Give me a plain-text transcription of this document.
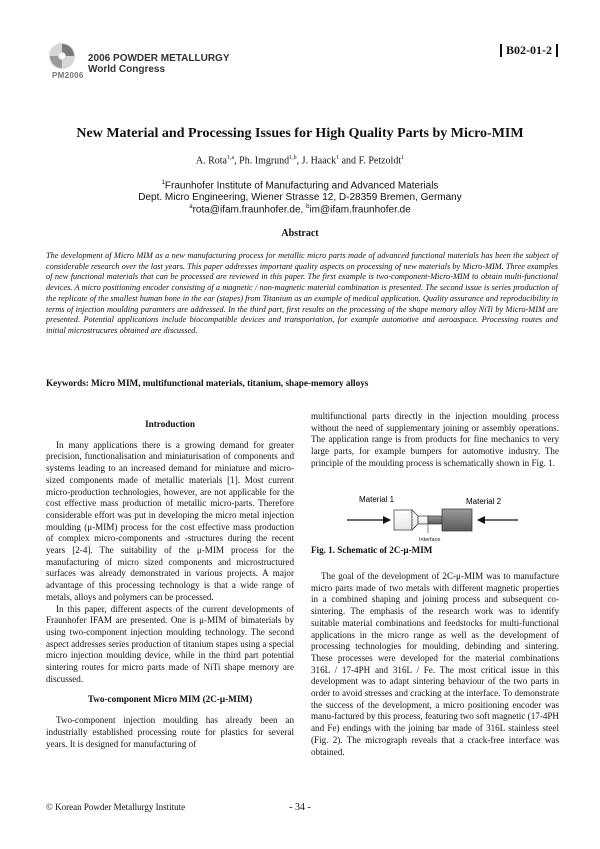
PM2006
2006 POWDER METALLURGY
World Congress
B02-01-2
New Material and Processing Issues for High Quality Parts by Micro-MIM
A. Rota$^{1,a}$, Ph. Imgrund$^{1,b}$, J. Haack$^1$ and F. Petzoldt$^1$
$^1$Fraunhofer Institute of Manufacturing and Advanced Materials
Dept. Micro Engineering, Wiener Strasse 12, D-28359 Bremen, Germany
$^a$rota@ifam.fraunhofer.de, $^b$im@ifam.fraunhofer.de
Abstract
The development of Micro MIM as a new manufacturing process for metallic micro parts made of advanced functional materials has been the subject of considerable research over the last years. This paper addresses important quality aspects on processing of new materials by Micro-MIM. Three examples of new functional materials that can be processed are reviewed in this paper. The first example is two-component-Micro-MIM to obtain multi-functional devices. A micro positioning encoder consisting of a magnetic / non-magnetic material combination is presented. The second issue is series production of the replicate of the smallest human bone in the ear (stapes) from Titanium as an example of medical application. Quality assurance and reproducibility in terms of injection moulding paramters are addressed. In the third part, first results on the processing of the shape memory alloy NiTi by Micro-MIM are presented. Potential applications include biocompatible devices and transportation, for example automotive and aeroaspace. Processing routes and initial microstrucures obtained are discussed.
Keywords: Micro MIM, multifunctional materials, titanium, shape-memory alloys
Introduction

In many applications there is a growing demand for greater precision, functionalisation and miniaturisation of components and systems leading to an increased demand for miniature and micro-sized components made of metallic materials [1]. Most current micro-production technologies, however, are not applicable for the cost effective mass production of metallic micro-parts. Therefore considerable effort was put in developing the micro metal injection moulding (μ-MIM) process for the cost effective mass production of complex micro-components and -structures during the recent years [2-4]. The suitability of the μ-MIM process for the manufacturing of micro sized components and microstructured surfaces was already demonstrated in various projects. A major advantage of this processing technology is that a wide range of metals, alloys and polymers can be processed.

In this paper, different aspects of the current developments of Fraunhofer IFAM are presented. One is μ-MIM of bimaterials by using two-component injection moulding technology. The second aspect addresses series production of titanium stapes using a special micro injection moulding device, while in the third part potential sintering routes for micro parts made of NiTi shape memory are discussed.

Two-component Micro MIM (2C-μ-MIM)

Two-component injection moulding has already been an industrially established processing route for plastics for several years. It is designed for manufacturing of

multifunctional parts directly in the injection moulding process without the need of supplementary joining or assembly operations. The application range is from products for fine mechanics to very large parts, for example bumpers for automotive industry. The principle of the moulding process is schematically shown in Fig. 1.

Material 1	Material 2
Interface
Fig. 1. Schematic of 2C-μ-MIM

The goal of the development of 2C-μ-MIM was to manufacture micro parts made of two metals with different magnetic properties in a combined shaping and joining process and subsequent co-sintering. The emphasis of the research work was to identify suitable material combinations and feedstocks for multi-functional applications in the micro range as well as the development of processing technologies for moulding, debinding and sintering. These processes were developed for the material combinations 316L / 17-4PH and 316L / Fe. The most critical issue in this development was to adapt sintering behaviour of the two parts in order to avoid stresses and cracking at the interface. To demonstrate the success of the development, a micro positioning encoder was manu-factured by this process, featuring two soft magnetic (17-4PH and Fe) endings with the joining bar made of 316L stainless steel (Fig. 2). The micrograph reveals that a crack-free interface was obtained.

© Korean Powder Metallurgy Institute	- 34 -
